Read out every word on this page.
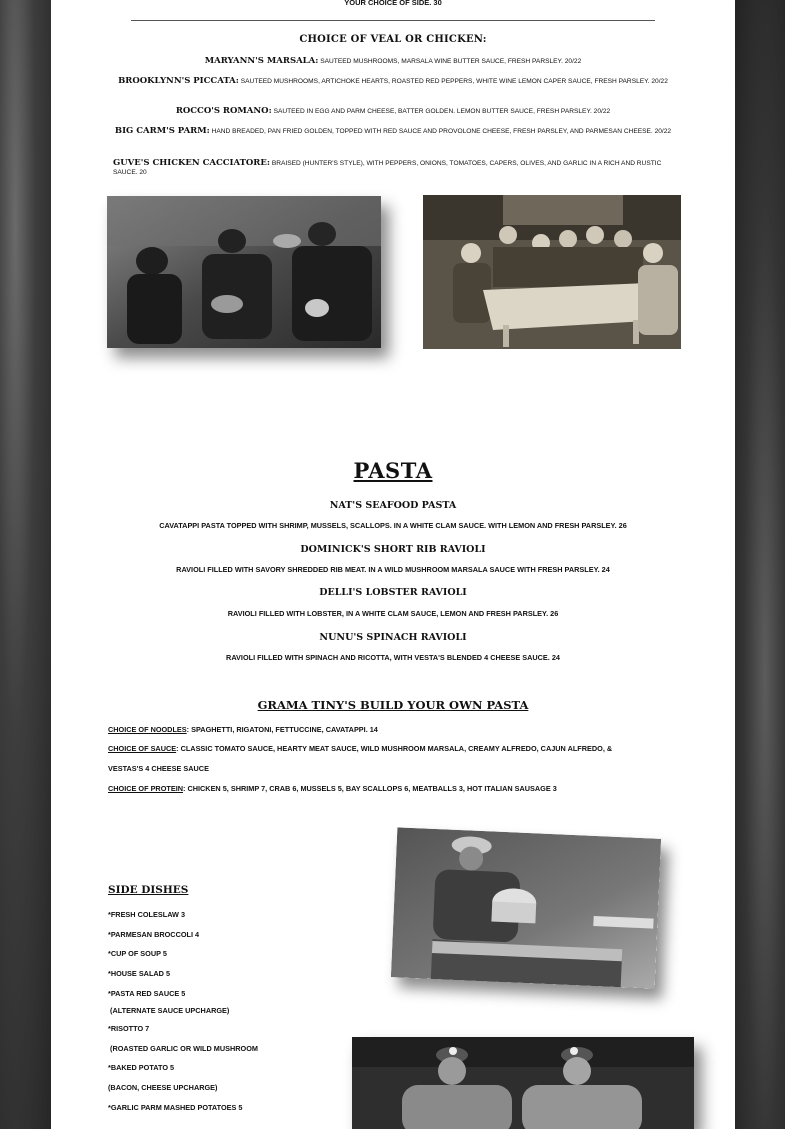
YOUR CHOICE OF SIDE. 30
CHOICE OF VEAL OR CHICKEN:
MARYANN'S MARSALA: SAUTEED MUSHROOMS, MARSALA WINE BUTTER SAUCE, FRESH PARSLEY. 20/22
BROOKLYNN'S PICCATA: SAUTEED MUSHROOMS, ARTICHOKE HEARTS, ROASTED RED PEPPERS, WHITE WINE LEMON CAPER SAUCE, FRESH PARSLEY. 20/22
ROCCO'S ROMANO: SAUTEED IN EGG AND PARM CHEESE, BATTER GOLDEN. LEMON BUTTER SAUCE, FRESH PARSLEY. 20/22
BIG CARM'S PARM: HAND BREADED, PAN FRIED GOLDEN, TOPPED WITH RED SAUCE AND PROVOLONE CHEESE, FRESH PARSLEY, AND PARMESAN CHEESE. 20/22
GUVE'S CHICKEN CACCIATORE: BRAISED (HUNTER'S STYLE), WITH PEPPERS, ONIONS, TOMATOES, CAPERS, OLIVES, AND GARLIC IN A RICH AND RUSTIC SAUCE. 20
PASTA
NAT'S SEAFOOD PASTA
CAVATAPPI PASTA TOPPED WITH SHRIMP, MUSSELS, SCALLOPS. IN A WHITE CLAM SAUCE. WITH LEMON AND FRESH PARSLEY. 26
DOMINICK'S SHORT RIB RAVIOLI
RAVIOLI FILLED WITH SAVORY SHREDDED RIB MEAT. IN A WILD MUSHROOM MARSALA SAUCE WITH FRESH PARSLEY. 24
DELLI'S LOBSTER RAVIOLI
RAVIOLI FILLED WITH LOBSTER, IN A WHITE CLAM SAUCE, LEMON AND FRESH PARSLEY. 26
NUNU'S SPINACH RAVIOLI
RAVIOLI FILLED WITH SPINACH AND RICOTTA, WITH VESTA'S BLENDED 4 CHEESE SAUCE. 24
GRAMA TINY'S BUILD YOUR OWN PASTA
CHOICE OF NOODLES: SPAGHETTI, RIGATONI, FETTUCCINE, CAVATAPPI. 14
CHOICE OF SAUCE: CLASSIC TOMATO SAUCE, HEARTY MEAT SAUCE, WILD MUSHROOM MARSALA, CREAMY ALFREDO, CAJUN ALFREDO, &
VESTAS'S 4 CHEESE SAUCE
CHOICE OF PROTEIN: CHICKEN 5, SHRIMP 7, CRAB 6, MUSSELS 5, BAY SCALLOPS 6, MEATBALLS 3, HOT ITALIAN SAUSAGE 3
SIDE DISHES
*FRESH COLESLAW 3
*PARMESAN BROCCOLI 4
*CUP OF SOUP 5
*HOUSE SALAD 5
*PASTA RED SAUCE 5
(ALTERNATE SAUCE UPCHARGE)
*RISOTTO 7
(ROASTED GARLIC OR WILD MUSHROOM
*BAKED POTATO 5
(BACON, CHEESE UPCHARGE)
*GARLIC PARM MASHED POTATOES 5
